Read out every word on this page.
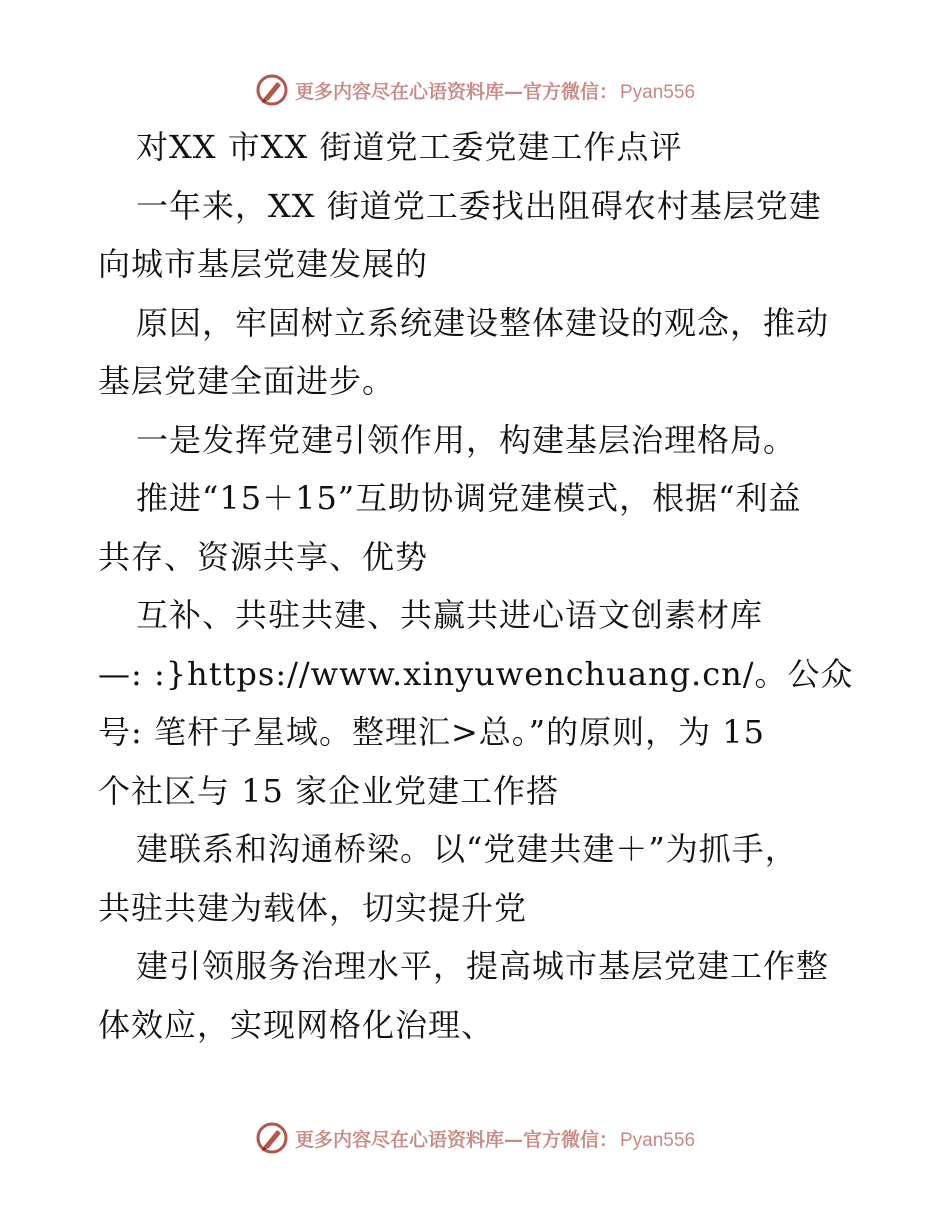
更多内容尽在心语资料库—官方微信： Pyan556

对XX 市XX 街道党工委党建工作点评

一年来，XX 街道党工委找出阻碍农村基层党建

向城市基层党建发展的

原因，牢固树立系统建设整体建设的观念，推动

基层党建全面进步。

一是发挥党建引领作用，构建基层治理格局。

推进“15＋15”互助协调党建模式，根据“利益

共存、资源共享、优势

互补、共驻共建、共赢共进心语文创素材库

—: :}https://www.xinyuwenchuang.cn/。公众

号: 笔杆子星域。整理汇>总。”的原则，为 15

个社区与 15 家企业党建工作搭

建联系和沟通桥梁。以“党建共建＋”为抓手，

共驻共建为载体，切实提升党

建引领服务治理水平，提高城市基层党建工作整

体效应，实现网格化治理、

更多内容尽在心语资料库—官方微信： Pyan556
